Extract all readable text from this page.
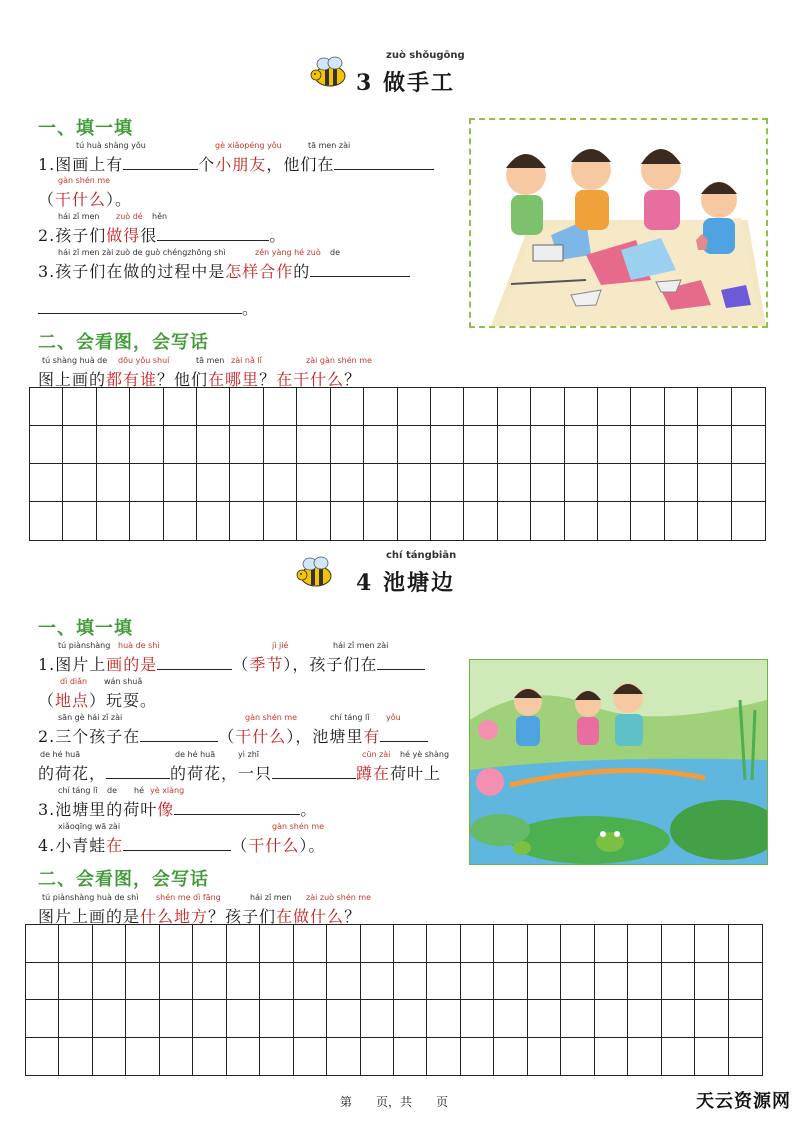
zuò shǒugōng
3 做手工
一、填一填
tú huà shàng yǒu	gè xiǎopéng yǒu	tā men zài
1.图画上有	个小朋友，他们在
gàn shén me
（干什么）。
hái zǐ men zuò dé hěn
2.孩子们做得很	。
hái zǐ men zài zuò de guò chéngzhōng shì	zěn yàng hé zuò de
3.孩子们在做的过程中是怎样合作的
。
二、会看图，会写话
tú shàng huà de dōu yǒu shuí	tā men zài nǎ lǐ	zài gàn shén me
图上画的都有谁？他们在哪里？在干什么？
chí tángbiān
4 池塘边
一、填一填
tú piànshàng huà de shì	jì jié	hái zǐ men zài
1.图片上画的是	（季节），孩子们在
dì diǎn wán shuǎ
（地点）玩耍。
sān gè hái zǐ zài	gàn shén me	chí táng lǐ yǒu
2.三个孩子在	（干什么），池塘里有
de hé huā	de hé huā	yì zhī	cūn zài hé yè shàng
的荷花，	的荷花，一只	蹲在荷叶上
chí táng lǐ de hé yè xiàng
3.池塘里的荷叶像	。
xiǎoqīng wā zài	gàn shén me
4.小青蛙在	（干什么）。
二、会看图，会写话
tú piànshàng huà de shì shén me dì fāng	hái zǐ men zài zuò shén me
图片上画的是什么地方？孩子们在做什么？
第　　页，共　　页	天云资源网
